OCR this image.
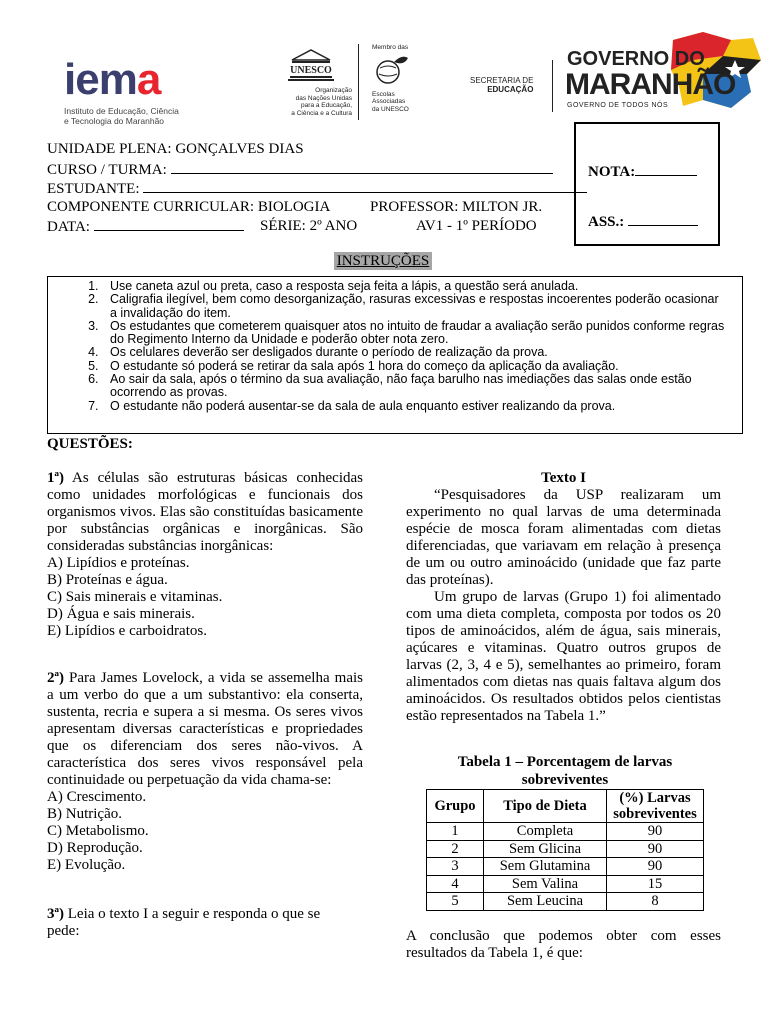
iema
Instituto de Educação, Ciência
e Tecnologia do Maranhão
UNESCO
Organização
das Nações Unidas
para a Educação,
a Ciência e a Cultura
Membro das
Escolas
Associadas
da UNESCO
SECRETARIA DE
EDUCAÇÃO
GOVERNO DO
MARANHÃO
GOVERNO DE TODOS NÓS
UNIDADE PLENA: GONÇALVES DIAS
CURSO / TURMA:
ESTUDANTE:
COMPONENTE CURRICULAR: BIOLOGIA	PROFESSOR: MILTON JR.
DATA:	SÉRIE: 2º ANO	AV1 - 1º PERÍODO
NOTA:
ASS.:
INSTRUÇÕES
1. Use caneta azul ou preta, caso a resposta seja feita a lápis, a questão será anulada.
2. Caligrafia ilegível, bem como desorganização, rasuras excessivas e respostas incoerentes poderão ocasionar a invalidação do item.
3. Os estudantes que cometerem quaisquer atos no intuito de fraudar a avaliação serão punidos conforme regras do Regimento Interno da Unidade e poderão obter nota zero.
4. Os celulares deverão ser desligados durante o período de realização da prova.
5. O estudante só poderá se retirar da sala após 1 hora do começo da aplicação da avaliação.
6. Ao sair da sala, após o término da sua avaliação, não faça barulho nas imediações das salas onde estão ocorrendo as provas.
7. O estudante não poderá ausentar-se da sala de aula enquanto estiver realizando da prova.
QUESTÕES:

1ª) As células são estruturas básicas conhecidas como unidades morfológicas e funcionais dos organismos vivos. Elas são constituídas basicamente por substâncias orgânicas e inorgânicas. São consideradas substâncias inorgânicas:

A) Lipídios e proteínas.
B) Proteínas e água.
C) Sais minerais e vitaminas.
D) Água e sais minerais.
E) Lipídios e carboidratos.

2ª) Para James Lovelock, a vida se assemelha mais a um verbo do que a um substantivo: ela conserta, sustenta, recria e supera a si mesma. Os seres vivos apresentam diversas características e propriedades que os diferenciam dos seres não-vivos. A característica dos seres vivos responsável pela continuidade ou perpetuação da vida chama-se:

A) Crescimento.
B) Nutrição.
C) Metabolismo.
D) Reprodução.
E) Evolução.

3ª) Leia o texto I a seguir e responda o que se pede:

Texto I

“Pesquisadores da USP realizaram um experimento no qual larvas de uma determinada espécie de mosca foram alimentadas com dietas diferenciadas, que variavam em relação à presença de um ou outro aminoácido (unidade que faz parte das proteínas).

Um grupo de larvas (Grupo 1) foi alimentado com uma dieta completa, composta por todos os 20 tipos de aminoácidos, além de água, sais minerais, açúcares e vitaminas. Quatro outros grupos de larvas (2, 3, 4 e 5), semelhantes ao primeiro, foram alimentados com dietas nas quais faltava algum dos aminoácidos. Os resultados obtidos pelos cientistas estão representados na Tabela 1.”

Tabela 1 – Porcentagem de larvas
sobreviventes
Grupo	Tipo de Dieta	(%) Larvas sobreviventes
1	Completa	90
2	Sem Glicina	90
3	Sem Glutamina	90
4	Sem Valina	15
5	Sem Leucina	8
A conclusão que podemos obter com esses resultados da Tabela 1, é que:
